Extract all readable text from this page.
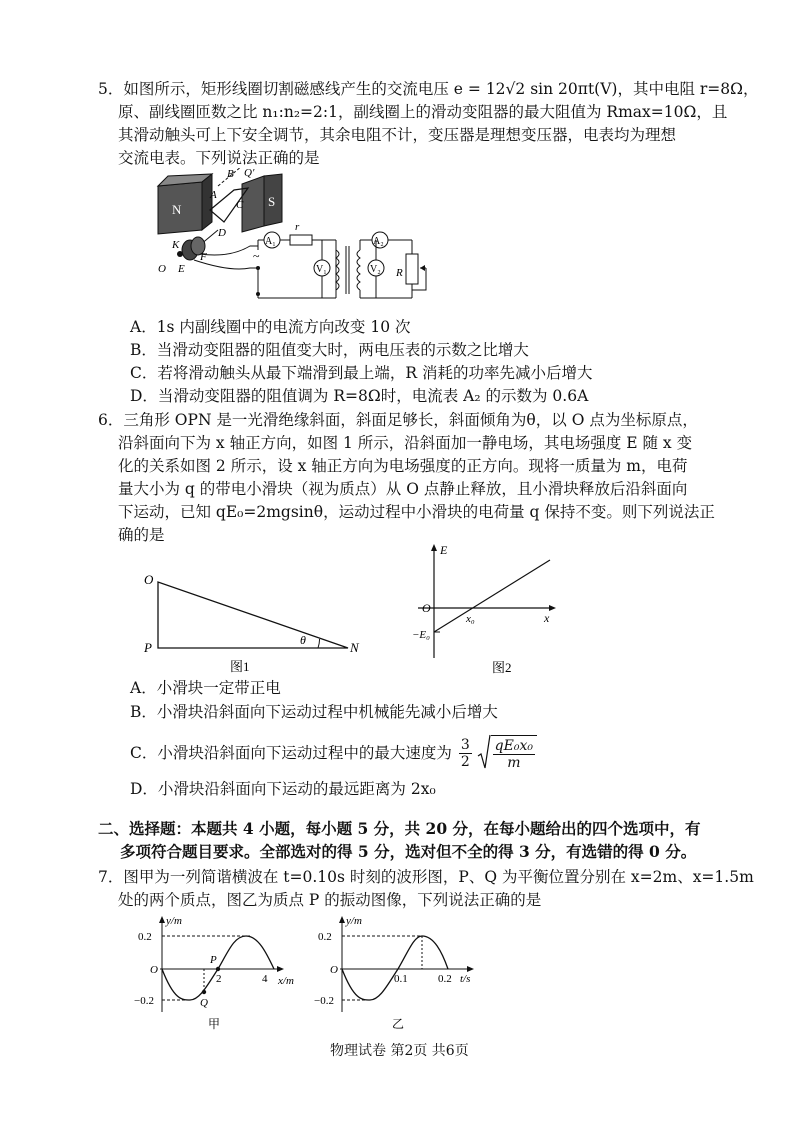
5．如图所示，矩形线圈切割磁感线产生的交流电压 e = 12√2 sin 20πt(V)，其中电阻 r=8Ω，
原、副线圈匝数之比 n₁:n₂=2:1，副线圈上的滑动变阻器的最大阻值为 Rmax=10Ω，且
其滑动触头可上下安全调节，其余电阻不计，变压器是理想变压器，电表均为理想
交流电表。下列说法正确的是
N
S
B Q′
A
C
D
F
K
E
O
~
A₁
r
V₁
A₂
V₂ R
A．1s 内副线圈中的电流方向改变 10 次
B．当滑动变阻器的阻值变大时，两电压表的示数之比增大
C．若将滑动触头从最下端滑到最上端，R 消耗的功率先减小后增大
D．当滑动变阻器的阻值调为 R=8Ω时，电流表 A₂ 的示数为 0.6A
6．三角形 OPN 是一光滑绝缘斜面，斜面足够长，斜面倾角为θ，以 O 点为坐标原点，
沿斜面向下为 x 轴正方向，如图 1 所示，沿斜面加一静电场，其电场强度 E 随 x 变
化的关系如图 2 所示，设 x 轴正方向为电场强度的正方向。现将一质量为 m，电荷
量大小为 q 的带电小滑块（视为质点）从 O 点静止释放，且小滑块释放后沿斜面向
下运动，已知 qE₀=2mgsinθ，运动过程中小滑块的电荷量 q 保持不变。则下列说法正
确的是
O
P	N
θ
图1
E
O
x₀	x
−E₀
图2
A．小滑块一定带正电
B．小滑块沿斜面向下运动过程中机械能先减小后增大
C．小滑块沿斜面向下运动过程中的最大速度为 $\frac{3}{2}$
qE₀x₀
m
D．小滑块沿斜面向下运动的最远距离为 2x₀
二、选择题：本题共 4 小题，每小题 5 分，共 20 分，在每小题给出的四个选项中，有
多项符合题目要求。全部选对的得 5 分，选对但不全的得 3 分，有选错的得 0 分。
7．图甲为一列简谐横波在 t=0.10s 时刻的波形图，P、Q 为平衡位置分别在 x=2m、x=1.5m
处的两个质点，图乙为质点 P 的振动图像，下列说法正确的是
y/m
0.2
−0.2
O
2	4 x/m
P
Q
甲
y/m
0.2
−0.2
O
0.1	0.2 t/s
乙
物理试卷 第2页 共6页
